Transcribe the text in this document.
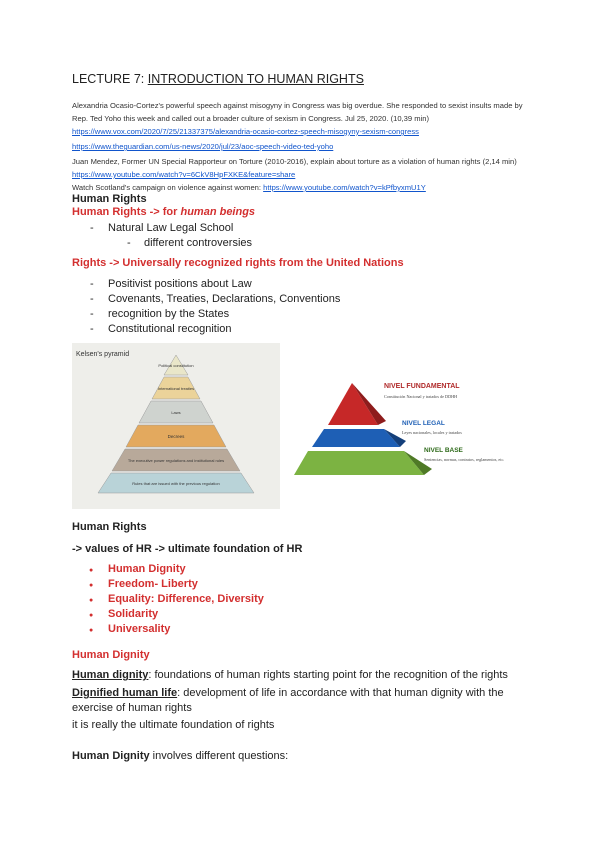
LECTURE 7: INTRODUCTION TO HUMAN RIGHTS
Alexandria Ocasio-Cortez's powerful speech against misogyny in Congress was big overdue. She responded to sexist insults made by Rep. Ted Yoho this week and called out a broader culture of sexism in Congress. Jul 25, 2020. (10,39 min)
https://www.vox.com/2020/7/25/21337375/alexandria-ocasio-cortez-speech-misogyny-sexism-congress
https://www.theguardian.com/us-news/2020/jul/23/aoc-speech-video-ted-yoho
Juan Mendez, Former UN Special Rapporteur on Torture (2010-2016), explain about torture as a violation of human rights (2,14 min)
https://www.youtube.com/watch?v=6CkV8HpFXKE&feature=share
Watch Scotland's campaign on violence against women: https://www.youtube.com/watch?v=kPfbyxmU1Y
Human Rights
Human Rights -> for human beings
- Natural Law Legal School
- different controversies
Rights -> Universally recognized rights from the United Nations
- Positivist positions about Law
- Covenants, Treaties, Declarations, Conventions
- recognition by the States
- Constitutional recognition
Kelsen's pyramid
Political constitution
International treaties
Laws
Decrees
The executive power regulations and institutional rules
Rules that are issued with the previous regulation
NIVEL FUNDAMENTAL
Constitución Nacional y tratados de DDHH
NIVEL LEGAL
Leyes nacionales, locales y tratados
NIVEL BASE
Sentencias, normas, contratos, reglamentos, etc.
Human Rights
-> values of HR -> ultimate foundation of HR
● Human Dignity
● Freedom- Liberty
● Equality: Difference, Diversity
● Solidarity
● Universality
Human Dignity
Human dignity: foundations of human rights starting point for the recognition of the rights
Dignified human life: development of life in accordance with that human dignity with the exercise of human rights
it is really the ultimate foundation of rights
Human Dignity involves different questions:
